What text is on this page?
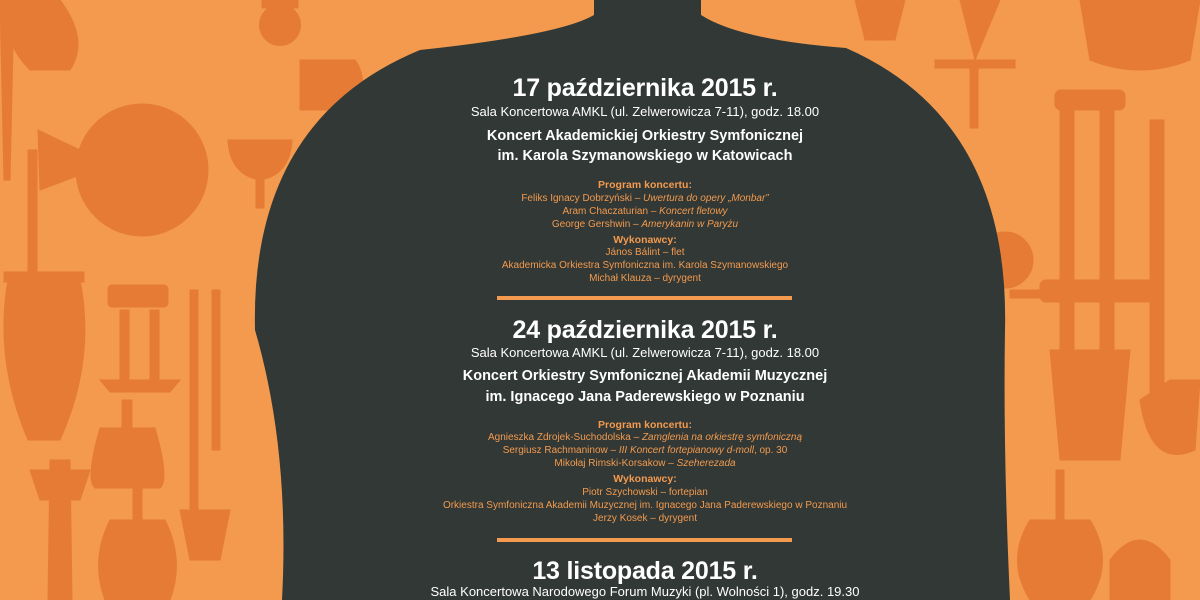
17 października 2015 r.
Sala Koncertowa AMKL (ul. Zelwerowicza 7-11), godz. 18.00
Koncert Akademickiej Orkiestry Symfonicznej
im. Karola Szymanowskiego w Katowicach
Program koncertu:
Feliks Ignacy Dobrzyński – Uwertura do opery „Monbar”
Aram Chaczaturian – Koncert fletowy
George Gershwin – Amerykanin w Paryżu
Wykonawcy:
János Bálint – flet
Akademicka Orkiestra Symfoniczna im. Karola Szymanowskiego
Michał Klauza – dyrygent
24 października 2015 r.
Sala Koncertowa AMKL (ul. Zelwerowicza 7-11), godz. 18.00
Koncert Orkiestry Symfonicznej Akademii Muzycznej
im. Ignacego Jana Paderewskiego w Poznaniu
Program koncertu:
Agnieszka Zdrojek-Suchodolska – Zamglenia na orkiestrę symfoniczną
Sergiusz Rachmaninow – III Koncert fortepianowy d-moll, op. 30
Mikołaj Rimski-Korsakow – Szeherezada
Wykonawcy:
Piotr Szychowski – fortepian
Orkiestra Symfoniczna Akademii Muzycznej im. Ignacego Jana Paderewskiego w Poznaniu
Jerzy Kosek – dyrygent
13 listopada 2015 r.
Sala Koncertowa Narodowego Forum Muzyki (pl. Wolności 1), godz. 19.30
